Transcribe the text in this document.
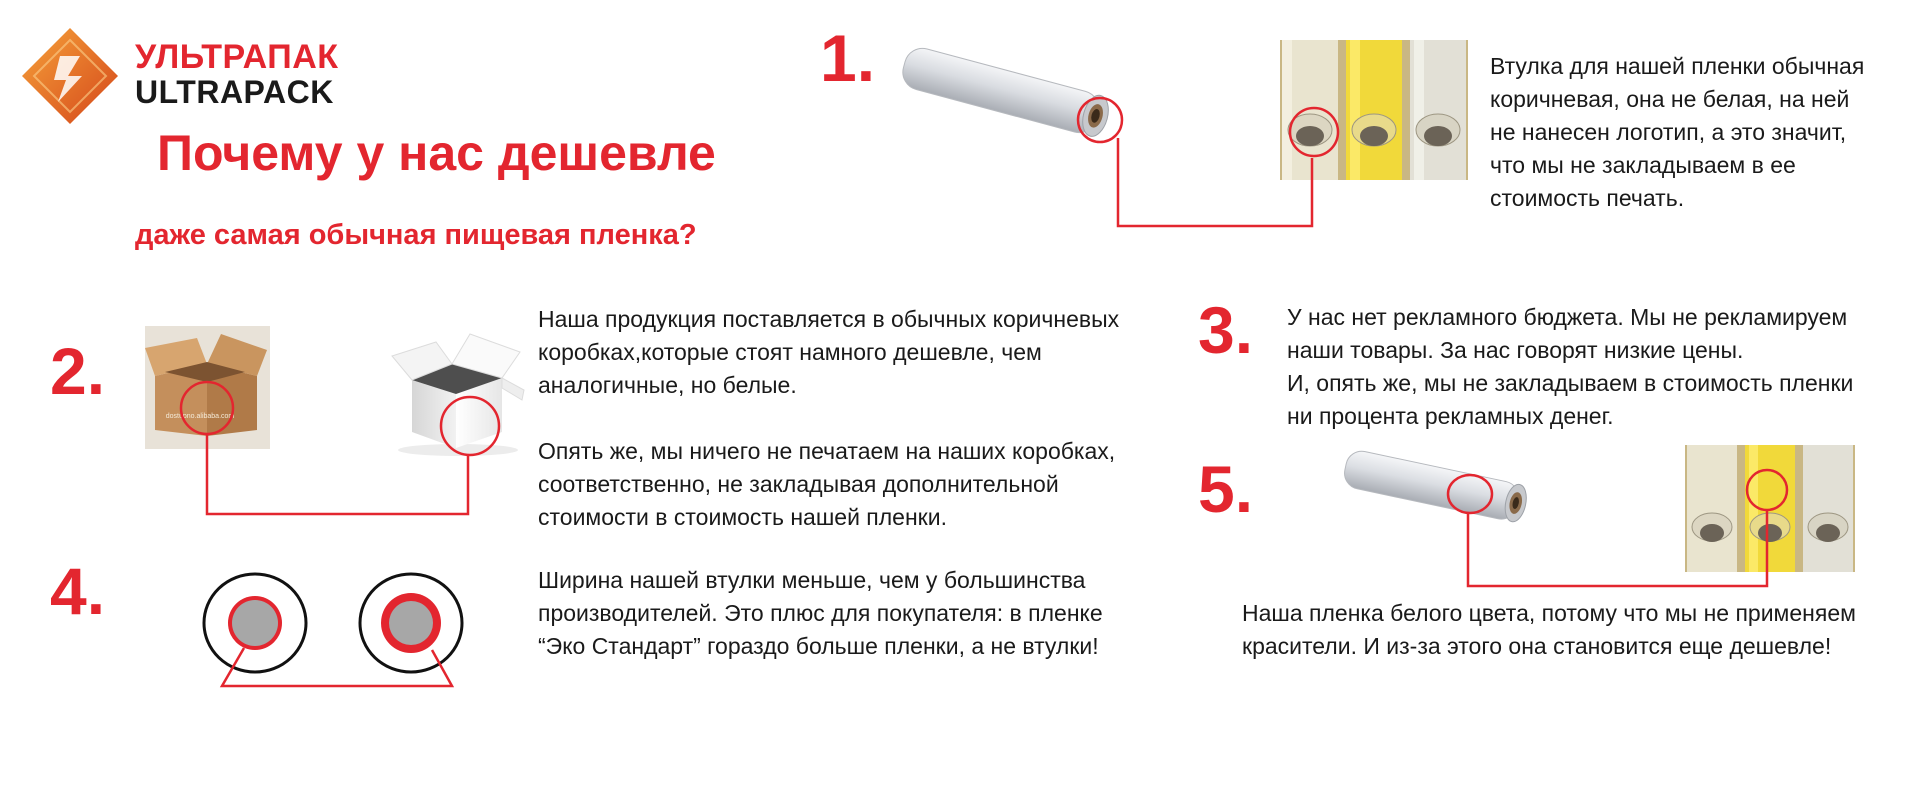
УЛЬТРАПАК
ULTRAPACK
Почему у нас дешевле
даже самая обычная пищевая пленка?
1.	Втулка для нашей пленки обычная
коричневая, она не белая, на ней
не нанесен логотип, а это значит,
что мы не закладываем в ее
стоимость печать.
2.
dostupno.alibaba.com
Наша продукция поставляется в обычных коричневых
коробках,которые стоят намного дешевле, чем
аналогичные, но белые.

Опять же, мы ничего не печатаем на наших коробках,
соответственно, не закладывая дополнительной
стоимости в стоимость нашей пленки.
3. У нас нет рекламного бюджета. Мы не рекламируем
наши товары. За нас говорят низкие цены.
И, опять же, мы не закладываем в стоимость пленки
ни процента рекламных денег.
4.	Ширина нашей втулки меньше, чем у большинства
производителей. Это плюс для покупателя: в пленке
“Эко Стандарт” гораздо больше пленки, а не втулки!
5.
Наша пленка белого цвета, потому что мы не применяем
красители. И из-за этого она становится еще дешевле!
